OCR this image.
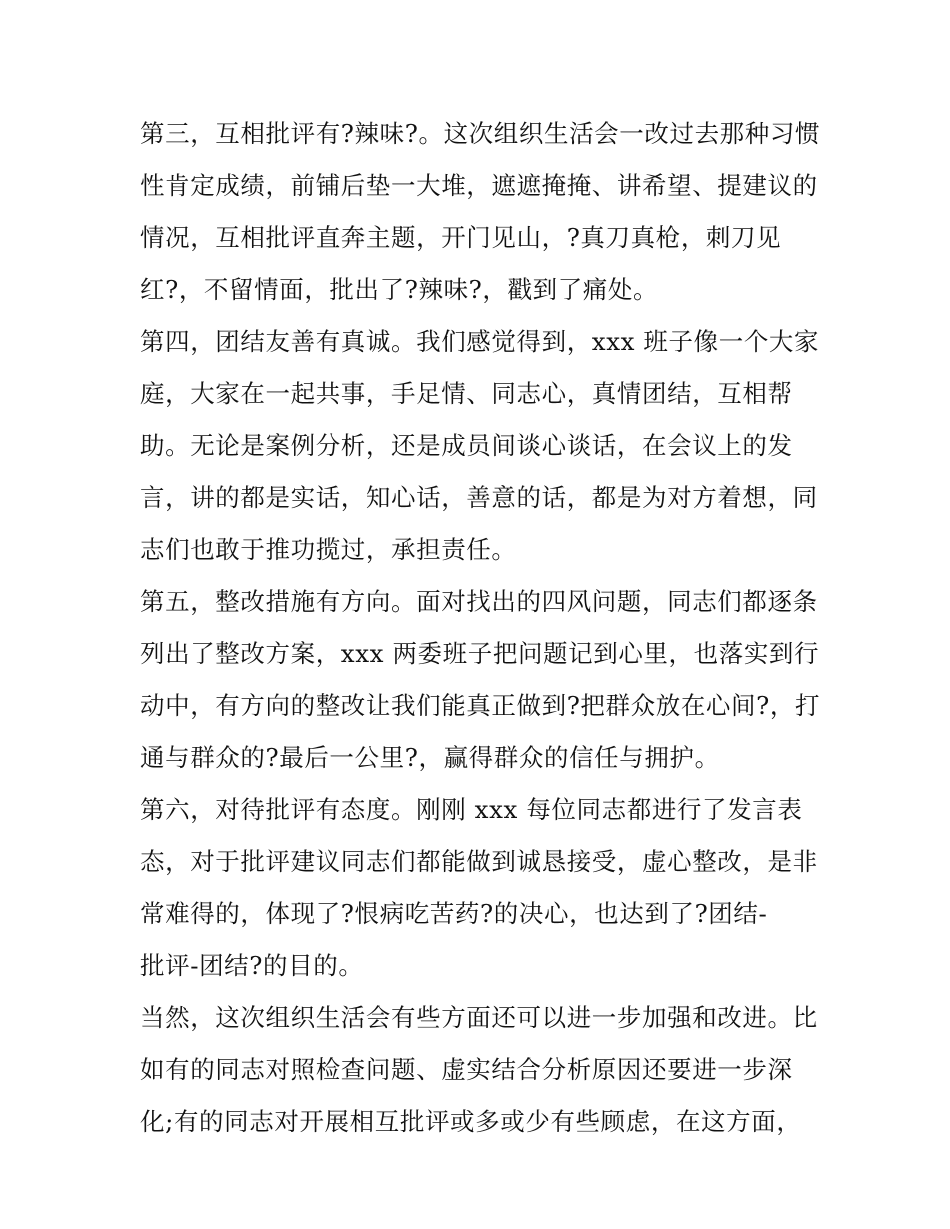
第三，互相批评有?辣味?。这次组织生活会一改过去那种习惯
性肯定成绩，前铺后垫一大堆，遮遮掩掩、讲希望、提建议的
情况，互相批评直奔主题，开门见山，?真刀真枪，刺刀见
红?，不留情面，批出了?辣味?，戳到了痛处。
第四，团结友善有真诚。我们感觉得到，xxx 班子像一个大家
庭，大家在一起共事，手足情、同志心，真情团结，互相帮
助。无论是案例分析，还是成员间谈心谈话，在会议上的发
言，讲的都是实话，知心话，善意的话，都是为对方着想，同
志们也敢于推功揽过，承担责任。
第五，整改措施有方向。面对找出的四风问题，同志们都逐条
列出了整改方案，xxx 两委班子把问题记到心里，也落实到行
动中，有方向的整改让我们能真正做到?把群众放在心间?，打
通与群众的?最后一公里?，赢得群众的信任与拥护。
第六，对待批评有态度。刚刚 xxx 每位同志都进行了发言表
态，对于批评建议同志们都能做到诚恳接受，虚心整改，是非
常难得的，体现了?恨病吃苦药?的决心，也达到了?团结-
批评-团结?的目的。
当然，这次组织生活会有些方面还可以进一步加强和改进。比
如有的同志对照检查问题、虚实结合分析原因还要进一步深
化;有的同志对开展相互批评或多或少有些顾虑，在这方面，
